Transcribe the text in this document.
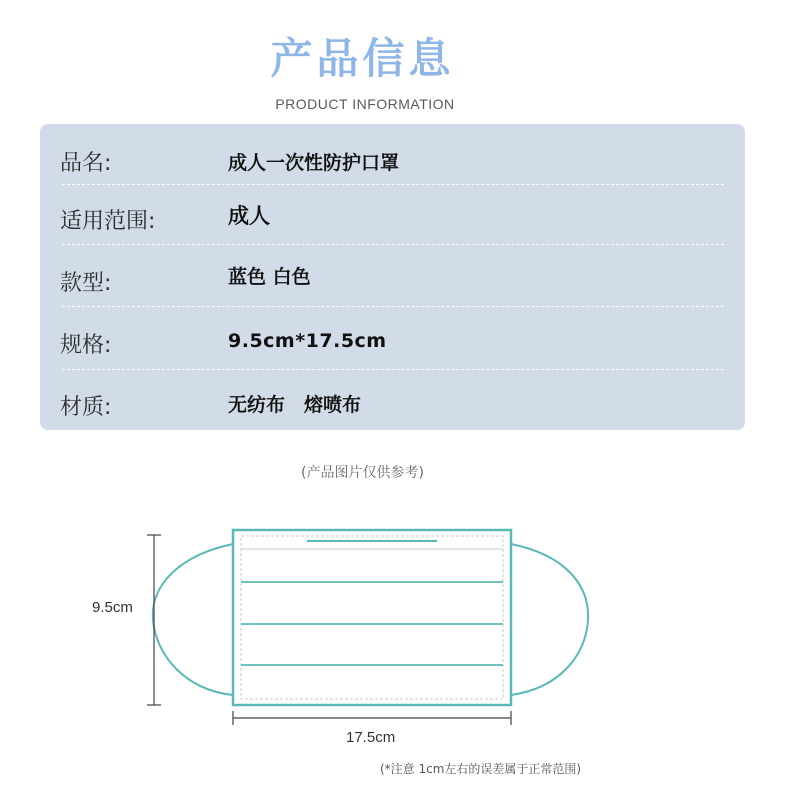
产品信息
PRODUCT INFORMATION
品名:	成人一次性防护口罩
适用范围:	成人
款型:	蓝色 白色
规格:	9.5cm*17.5cm
材质:	无纺布　熔喷布
(产品图片仅供参考)
9.5cm
17.5cm
(*注意 1cm左右的误差属于正常范围)
